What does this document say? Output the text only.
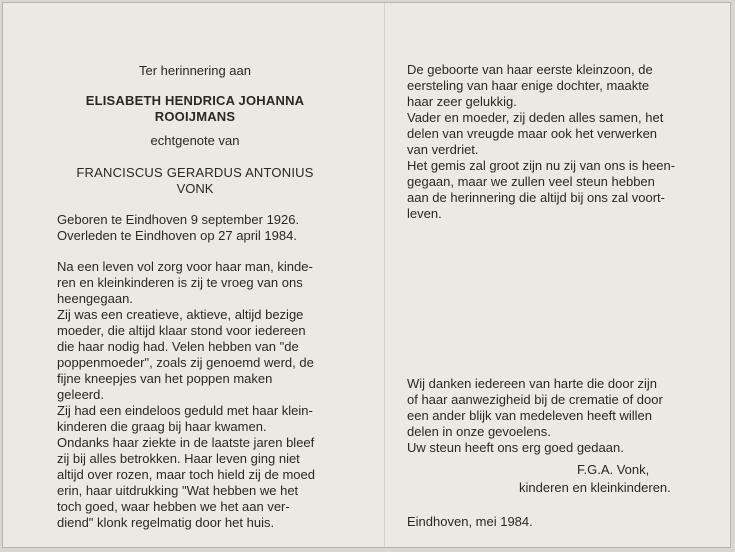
Ter herinnering aan

ELISABETH HENDRICA JOHANNA

ROOIJMANS

echtgenote van

FRANCISCUS GERARDUS ANTONIUS

VONK

Geboren te Eindhoven 9 september 1926.

Overleden te Eindhoven op 27 april 1984.

Na een leven vol zorg voor haar man, kinde-

ren en kleinkinderen is zij te vroeg van ons

heengegaan.

Zij was een creatieve, aktieve, altijd bezige

moeder, die altijd klaar stond voor iedereen

die haar nodig had. Velen hebben van "de

poppenmoeder", zoals zij genoemd werd, de

fijne kneepjes van het poppen maken

geleerd.

Zij had een eindeloos geduld met haar klein-

kinderen die graag bij haar kwamen.

Ondanks haar ziekte in de laatste jaren bleef

zij bij alles betrokken. Haar leven ging niet

altijd over rozen, maar toch hield zij de moed

erin, haar uitdrukking "Wat hebben we het

toch goed, waar hebben we het aan ver-

diend" klonk regelmatig door het huis.

De geboorte van haar eerste kleinzoon, de

eersteling van haar enige dochter, maakte

haar zeer gelukkig.

Vader en moeder, zij deden alles samen, het

delen van vreugde maar ook het verwerken

van verdriet.

Het gemis zal groot zijn nu zij van ons is heen-

gegaan, maar we zullen veel steun hebben

aan de herinnering die altijd bij ons zal voort-

leven.

Wij danken iedereen van harte die door zijn

of haar aanwezigheid bij de crematie of door

een ander blijk van medeleven heeft willen

delen in onze gevoelens.

Uw steun heeft ons erg goed gedaan.

F.G.A. Vonk,

kinderen en kleinkinderen.

Eindhoven, mei 1984.
